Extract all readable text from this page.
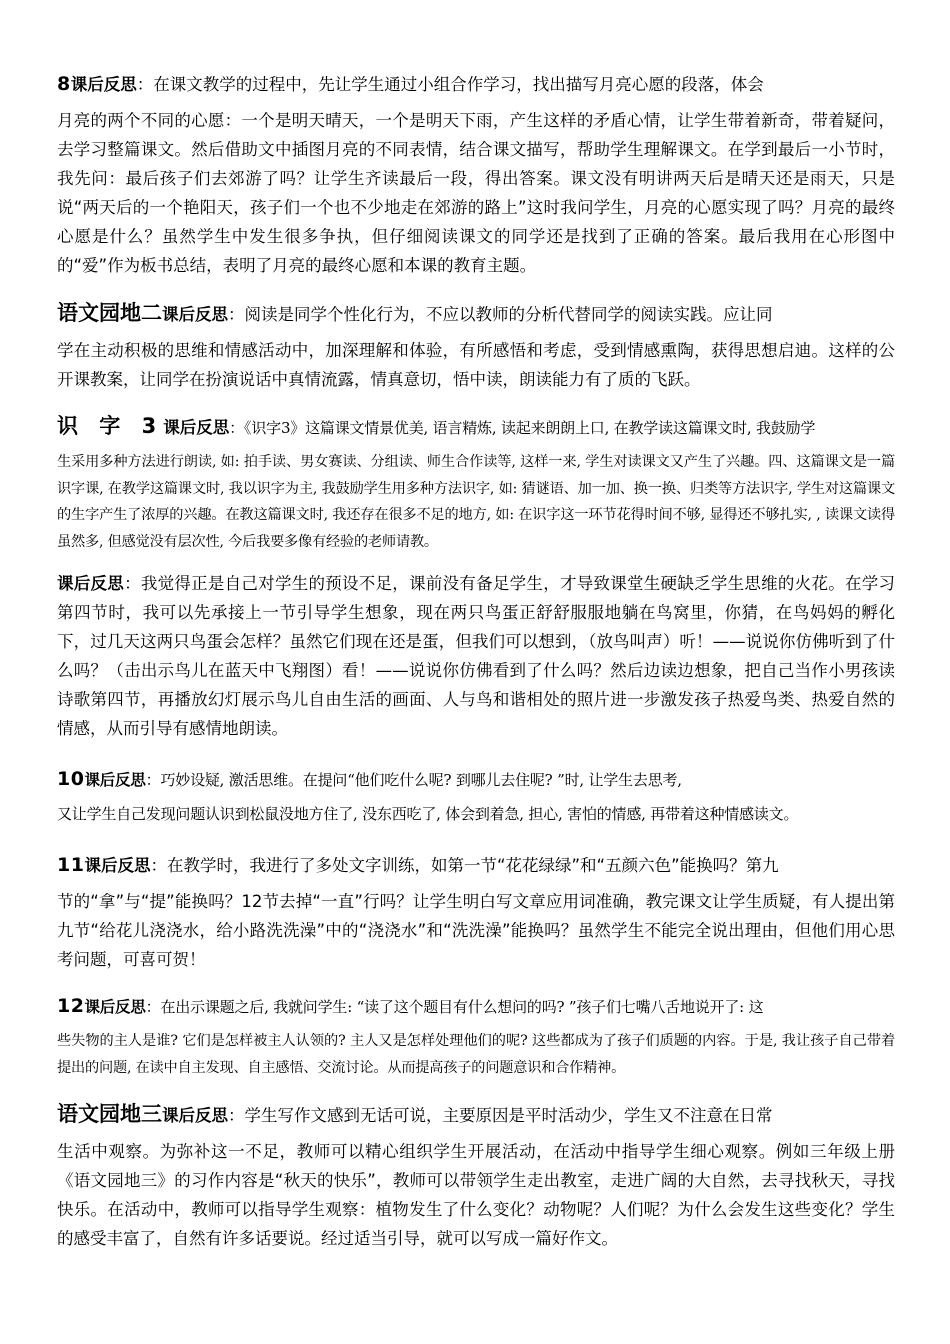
8课后反思：在课文教学的过程中，先让学生通过小组合作学习，找出描写月亮心愿的段落，体会

月亮的两个不同的心愿：一个是明天晴天，一个是明天下雨，产生这样的矛盾心情，让学生带着新奇，带着疑问，去学习整篇课文。然后借助文中插图月亮的不同表情，结合课文描写，帮助学生理解课文。在学到最后一小节时，我先问：最后孩子们去郊游了吗？让学生齐读最后一段，得出答案。课文没有明讲两天后是晴天还是雨天，只是说“两天后的一个艳阳天，孩子们一个也不少地走在郊游的路上”这时我问学生，月亮的心愿实现了吗？月亮的最终心愿是什么？虽然学生中发生很多争执，但仔细阅读课文的同学还是找到了正确的答案。最后我用在心形图中的“爱”作为板书总结，表明了月亮的最终心愿和本课的教育主题。

语文园地二课后反思：阅读是同学个性化行为，不应以教师的分析代替同学的阅读实践。应让同

学在主动积极的思维和情感活动中，加深理解和体验，有所感悟和考虑，受到情感熏陶，获得思想启迪。这样的公开课教案，让同学在扮演说话中真情流露，情真意切，悟中读，朗读能力有了质的飞跃。

识 字 3课后反思：《识字3》这篇课文情景优美, 语言精炼, 读起来朗朗上口, 在教学读这篇课文时, 我鼓励学

生采用多种方法进行朗读, 如: 拍手读、男女赛读、分组读、师生合作读等, 这样一来, 学生对读课文又产生了兴趣。四、这篇课文是一篇识字课, 在教学这篇课文时, 我以识字为主, 我鼓励学生用多种方法识字, 如: 猜谜语、加一加、换一换、归类等方法识字, 学生对这篇课文的生字产生了浓厚的兴趣。在教这篇课文时, 我还存在很多不足的地方, 如: 在识字这一环节花得时间不够, 显得还不够扎实, , 读课文读得虽然多, 但感觉没有层次性, 今后我要多像有经验的老师请教。

课后反思：我觉得正是自己对学生的预设不足，课前没有备足学生，才导致课堂生硬缺乏学生思维的火花。在学习第四节时，我可以先承接上一节引导学生想象，现在两只鸟蛋正舒舒服服地躺在鸟窝里，你猜，在鸟妈妈的孵化下，过几天这两只鸟蛋会怎样？虽然它们现在还是蛋，但我们可以想到，（放鸟叫声）听！——说说你仿佛听到了什么吗？（击出示鸟儿在蓝天中飞翔图）看！——说说你仿佛看到了什么吗？然后边读边想象，把自己当作小男孩读诗歌第四节，再播放幻灯展示鸟儿自由生活的画面、人与鸟和谐相处的照片进一步激发孩子热爱鸟类、热爱自然的情感，从而引导有感情地朗读。

10课后反思：巧妙设疑, 激活思维。在提问“他们吃什么呢? 到哪儿去住呢? ”时, 让学生去思考,

又让学生自己发现问题认识到松鼠没地方住了, 没东西吃了, 体会到着急, 担心, 害怕的情感, 再带着这种情感读文。

11课后反思：在教学时，我进行了多处文字训练，如第一节“花花绿绿”和“五颜六色”能换吗？第九

节的“拿”与“提”能换吗？12节去掉“一直”行吗？让学生明白写文章应用词准确，教完课文让学生质疑，有人提出第九节“给花儿浇浇水，给小路洗洗澡”中的“浇浇水”和“洗洗澡”能换吗？虽然学生不能完全说出理由，但他们用心思考问题，可喜可贺！

12课后反思：在出示课题之后, 我就问学生: “读了这个题目有什么想问的吗? ”孩子们七嘴八舌地说开了: 这

些失物的主人是谁? 它们是怎样被主人认领的? 主人又是怎样处理他们的呢? 这些都成为了孩子们质题的内容。于是, 我让孩子自己带着提出的问题, 在读中自主发现、自主感悟、交流讨论。从而提高孩子的问题意识和合作精神。

语文园地三课后反思：学生写作文感到无话可说，主要原因是平时活动少，学生又不注意在日常

生活中观察。为弥补这一不足，教师可以精心组织学生开展活动，在活动中指导学生细心观察。例如三年级上册《语文园地三》的习作内容是“秋天的快乐”，教师可以带领学生走出教室，走进广阔的大自然，去寻找秋天，寻找快乐。在活动中，教师可以指导学生观察：植物发生了什么变化？动物呢？人们呢？为什么会发生这些变化？学生的感受丰富了，自然有许多话要说。经过适当引导，就可以写成一篇好作文。
